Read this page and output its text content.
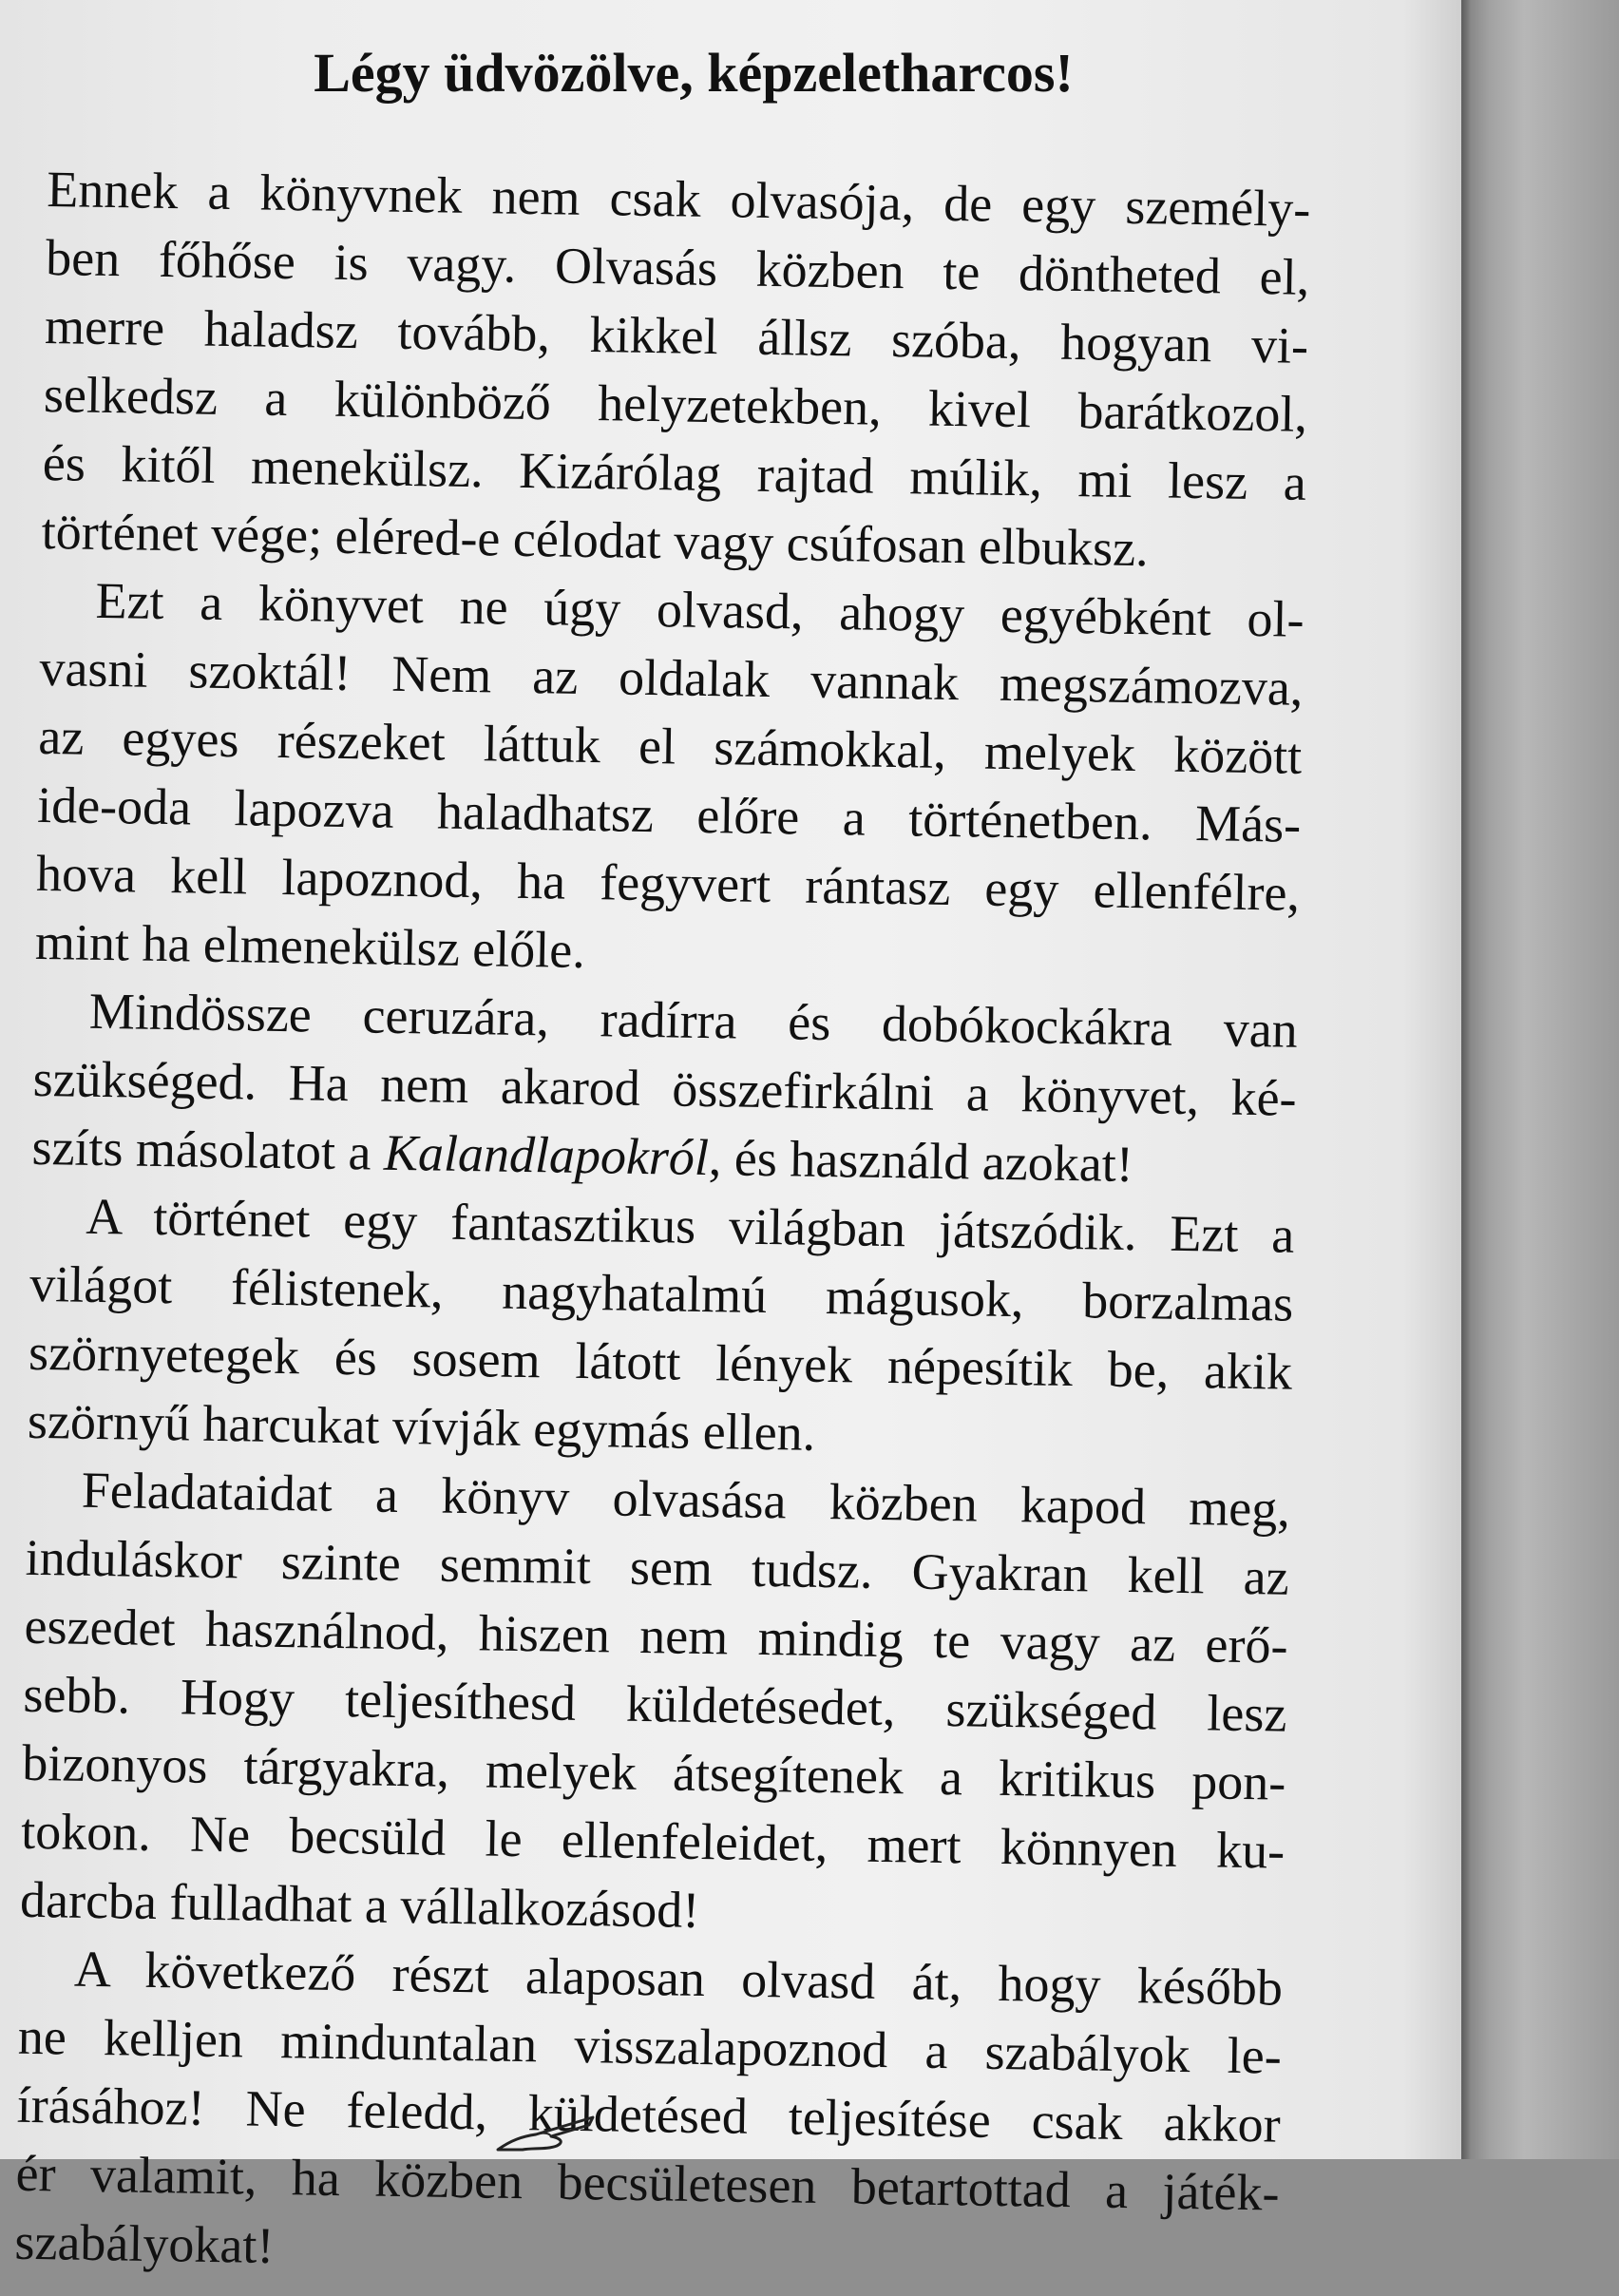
Légy üdvözölve, képzeletharcos!
Ennek a könyvnek nem csak olvasója, de egy személy-
ben főhőse is vagy. Olvasás közben te döntheted el,
merre haladsz tovább, kikkel állsz szóba, hogyan vi-
selkedsz a különböző helyzetekben, kivel barátkozol,
és kitől menekülsz. Kizárólag rajtad múlik, mi lesz a
történet vége; eléred-e célodat vagy csúfosan elbuksz.
Ezt a könyvet ne úgy olvasd, ahogy egyébként ol-
vasni szoktál! Nem az oldalak vannak megszámozva,
az egyes részeket láttuk el számokkal, melyek között
ide-oda lapozva haladhatsz előre a történetben. Más-
hova kell lapoznod, ha fegyvert rántasz egy ellenfélre,
mint ha elmenekülsz előle.
Mindössze ceruzára, radírra és dobókockákra van
szükséged. Ha nem akarod összefirkálni a könyvet, ké-
szíts másolatot a Kalandlapokról, és használd azokat!
A történet egy fantasztikus világban játszódik. Ezt a
világot félistenek, nagyhatalmú mágusok, borzalmas
szörnyetegek és sosem látott lények népesítik be, akik
szörnyű harcukat vívják egymás ellen.
Feladataidat a könyv olvasása közben kapod meg,
induláskor szinte semmit sem tudsz. Gyakran kell az
eszedet használnod, hiszen nem mindig te vagy az erő-
sebb. Hogy teljesíthesd küldetésedet, szükséged lesz
bizonyos tárgyakra, melyek átsegítenek a kritikus pon-
tokon. Ne becsüld le ellenfeleidet, mert könnyen ku-
darcba fulladhat a vállalkozásod!
A következő részt alaposan olvasd át, hogy később
ne kelljen minduntalan visszalapoznod a szabályok le-
írásához! Ne feledd, küldetésed teljesítése csak akkor
ér valamit, ha közben becsületesen betartottad a játék-
szabályokat!
